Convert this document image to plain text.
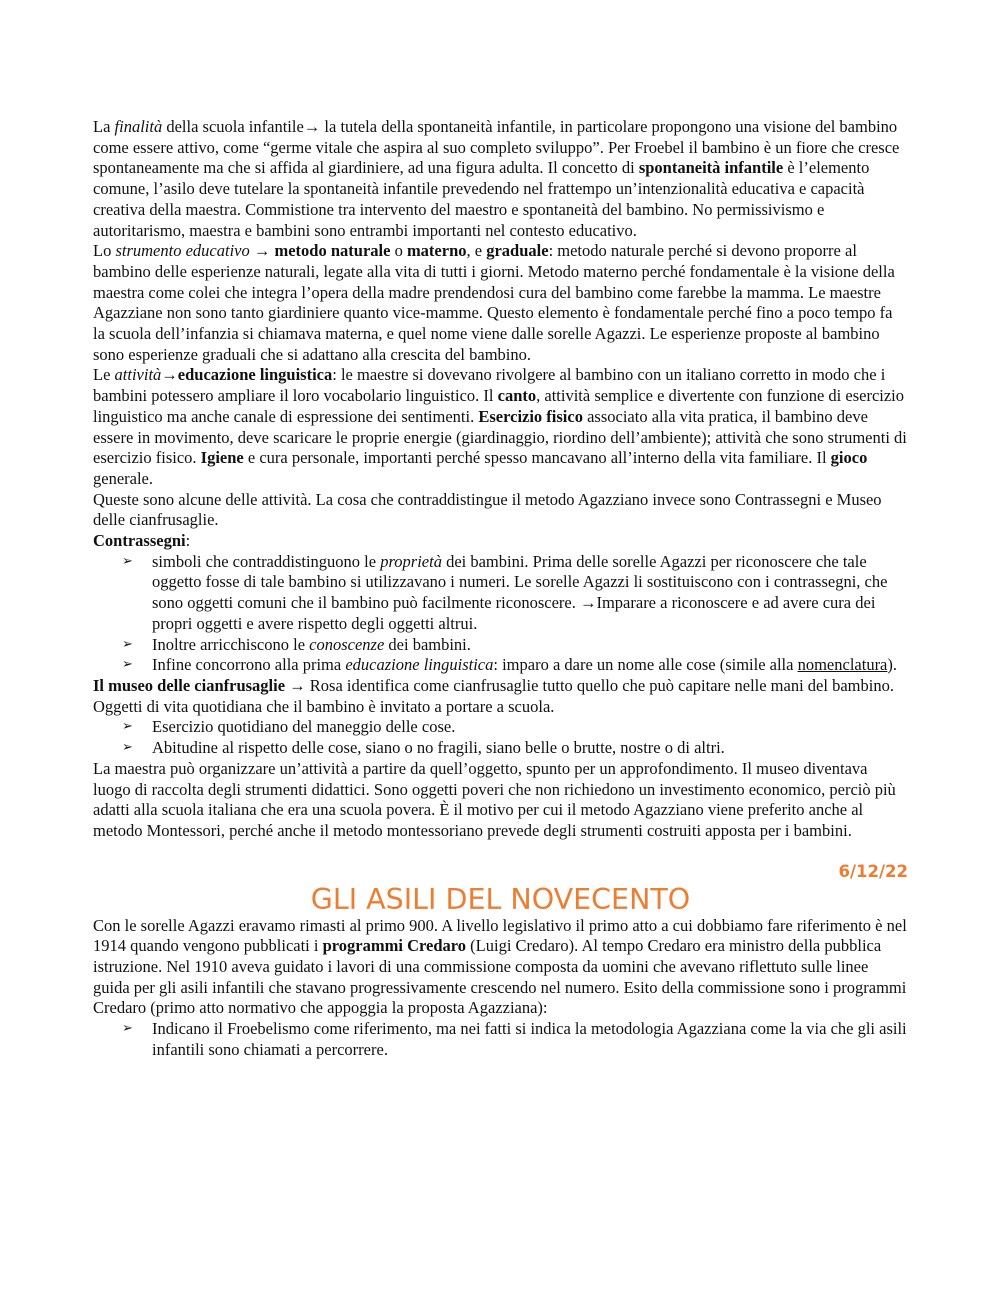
La finalità della scuola infantile→ la tutela della spontaneità infantile, in particolare propongono una visione del bambino come essere attivo, come “germe vitale che aspira al suo completo sviluppo”. Per Froebel il bambino è un fiore che cresce spontaneamente ma che si affida al giardiniere, ad una figura adulta. Il concetto di spontaneità infantile è l’elemento comune, l’asilo deve tutelare la spontaneità infantile prevedendo nel frattempo un’intenzionalità educativa e capacità creativa della maestra. Commistione tra intervento del maestro e spontaneità del bambino. No permissivismo e autoritarismo, maestra e bambini sono entrambi importanti nel contesto educativo.

Lo strumento educativo → metodo naturale o materno, e graduale: metodo naturale perché si devono proporre al bambino delle esperienze naturali, legate alla vita di tutti i giorni. Metodo materno perché fondamentale è la visione della maestra come colei che integra l’opera della madre prendendosi cura del bambino come farebbe la mamma. Le maestre Agazziane non sono tanto giardiniere quanto vice-mamme. Questo elemento è fondamentale perché fino a poco tempo fa la scuola dell’infanzia si chiamava materna, e quel nome viene dalle sorelle Agazzi. Le esperienze proposte al bambino sono esperienze graduali che si adattano alla crescita del bambino.

Le attività→educazione linguistica: le maestre si dovevano rivolgere al bambino con un italiano corretto in modo che i bambini potessero ampliare il loro vocabolario linguistico. Il canto, attività semplice e divertente con funzione di esercizio linguistico ma anche canale di espressione dei sentimenti. Esercizio fisico associato alla vita pratica, il bambino deve essere in movimento, deve scaricare le proprie energie (giardinaggio, riordino dell’ambiente); attività che sono strumenti di esercizio fisico. Igiene e cura personale, importanti perché spesso mancavano all’interno della vita familiare. Il gioco generale.

Queste sono alcune delle attività. La cosa che contraddistingue il metodo Agazziano invece sono Contrassegni e Museo delle cianfrusaglie.

Contrassegni:

➢ simboli che contraddistinguono le proprietà dei bambini. Prima delle sorelle Agazzi per riconoscere che tale oggetto fosse di tale bambino si utilizzavano i numeri. Le sorelle Agazzi li sostituiscono con i contrassegni, che sono oggetti comuni che il bambino può facilmente riconoscere. →Imparare a riconoscere e ad avere cura dei propri oggetti e avere rispetto degli oggetti altrui.
➢ Inoltre arricchiscono le conoscenze dei bambini.
➢ Infine concorrono alla prima educazione linguistica: imparo a dare un nome alle cose (simile alla nomenclatura).

Il museo delle cianfrusaglie → Rosa identifica come cianfrusaglie tutto quello che può capitare nelle mani del bambino. Oggetti di vita quotidiana che il bambino è invitato a portare a scuola.

➢ Esercizio quotidiano del maneggio delle cose.
➢ Abitudine al rispetto delle cose, siano o no fragili, siano belle o brutte, nostre o di altri.

La maestra può organizzare un’attività a partire da quell’oggetto, spunto per un approfondimento. Il museo diventava luogo di raccolta degli strumenti didattici. Sono oggetti poveri che non richiedono un investimento economico, perciò più adatti alla scuola italiana che era una scuola povera. È il motivo per cui il metodo Agazziano viene preferito anche al metodo Montessori, perché anche il metodo montessoriano prevede degli strumenti costruiti apposta per i bambini.

6/12/22
GLI ASILI DEL NOVECENTO

Con le sorelle Agazzi eravamo rimasti al primo 900. A livello legislativo il primo atto a cui dobbiamo fare riferimento è nel 1914 quando vengono pubblicati i programmi Credaro (Luigi Credaro). Al tempo Credaro era ministro della pubblica istruzione. Nel 1910 aveva guidato i lavori di una commissione composta da uomini che avevano riflettuto sulle linee guida per gli asili infantili che stavano progressivamente crescendo nel numero. Esito della commissione sono i programmi Credaro (primo atto normativo che appoggia la proposta Agazziana):

➢ Indicano il Froebelismo come riferimento, ma nei fatti si indica la metodologia Agazziana come la via che gli asili infantili sono chiamati a percorrere.
